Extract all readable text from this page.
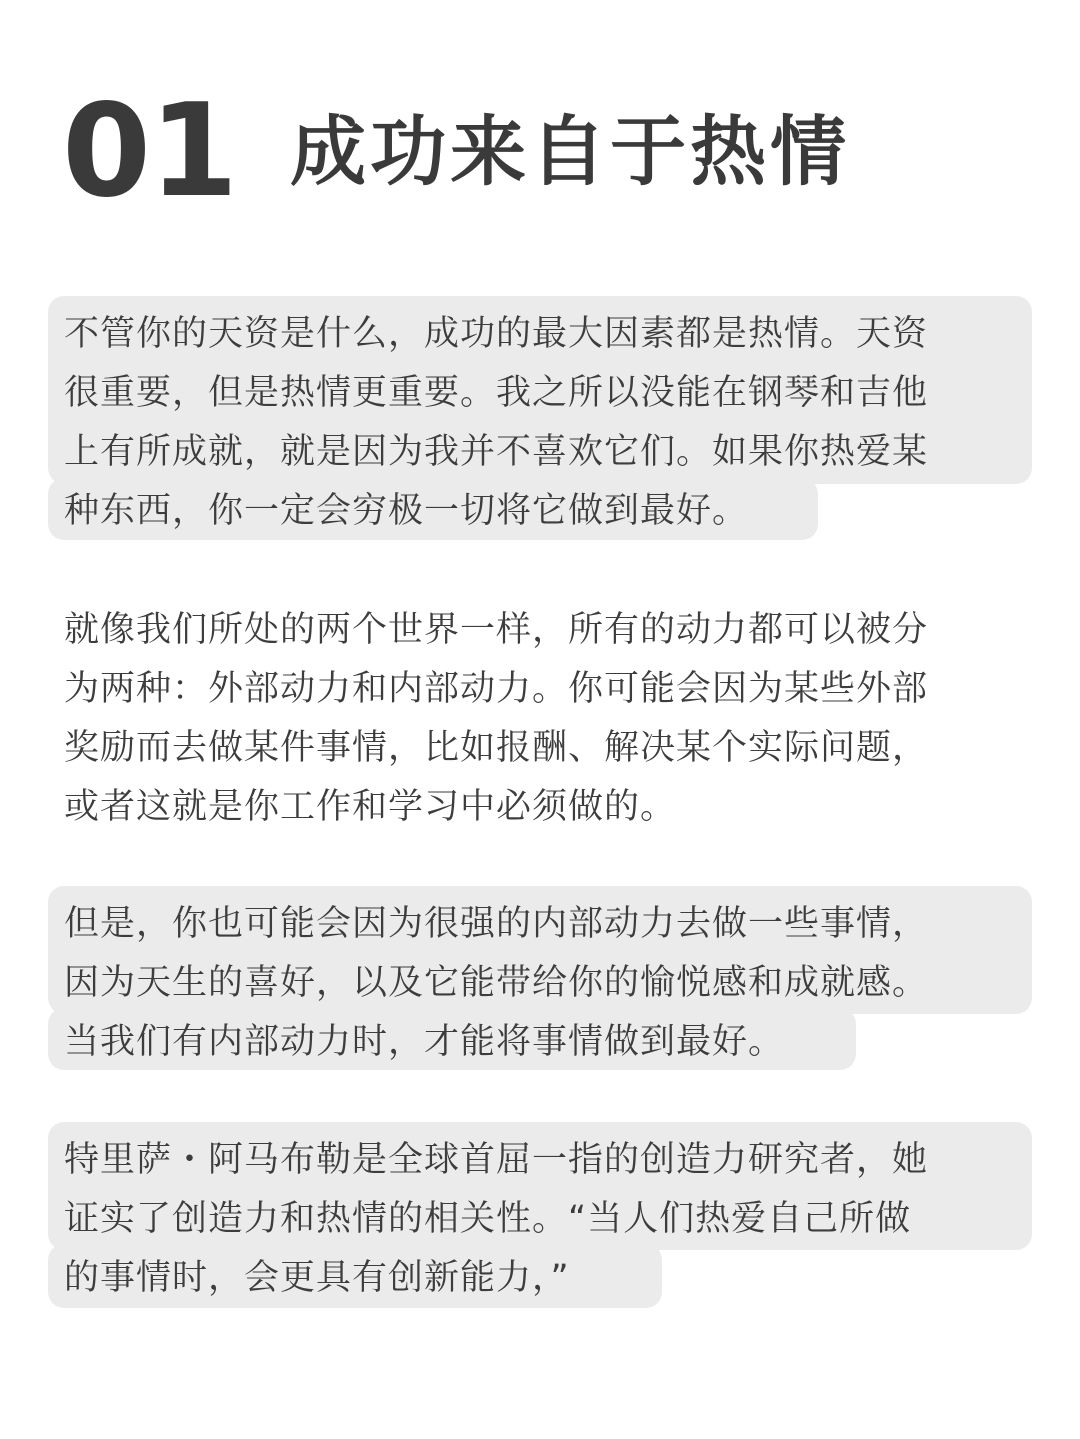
01 成功来自于热情
不管你的天资是什么，成功的最大因素都是热情。天资
很重要，但是热情更重要。我之所以没能在钢琴和吉他
上有所成就，就是因为我并不喜欢它们。如果你热爱某
种东西，你一定会穷极一切将它做到最好。
就像我们所处的两个世界一样，所有的动力都可以被分
为两种：外部动力和内部动力。你可能会因为某些外部
奖励而去做某件事情，比如报酬、解决某个实际问题，
或者这就是你工作和学习中必须做的。
但是，你也可能会因为很强的内部动力去做一些事情，
因为天生的喜好，以及它能带给你的愉悦感和成就感。
当我们有内部动力时，才能将事情做到最好。
特里萨・阿马布勒是全球首屈一指的创造力研究者，她
证实了创造力和热情的相关性。“当人们热爱自己所做
的事情时，会更具有创新能力，”
